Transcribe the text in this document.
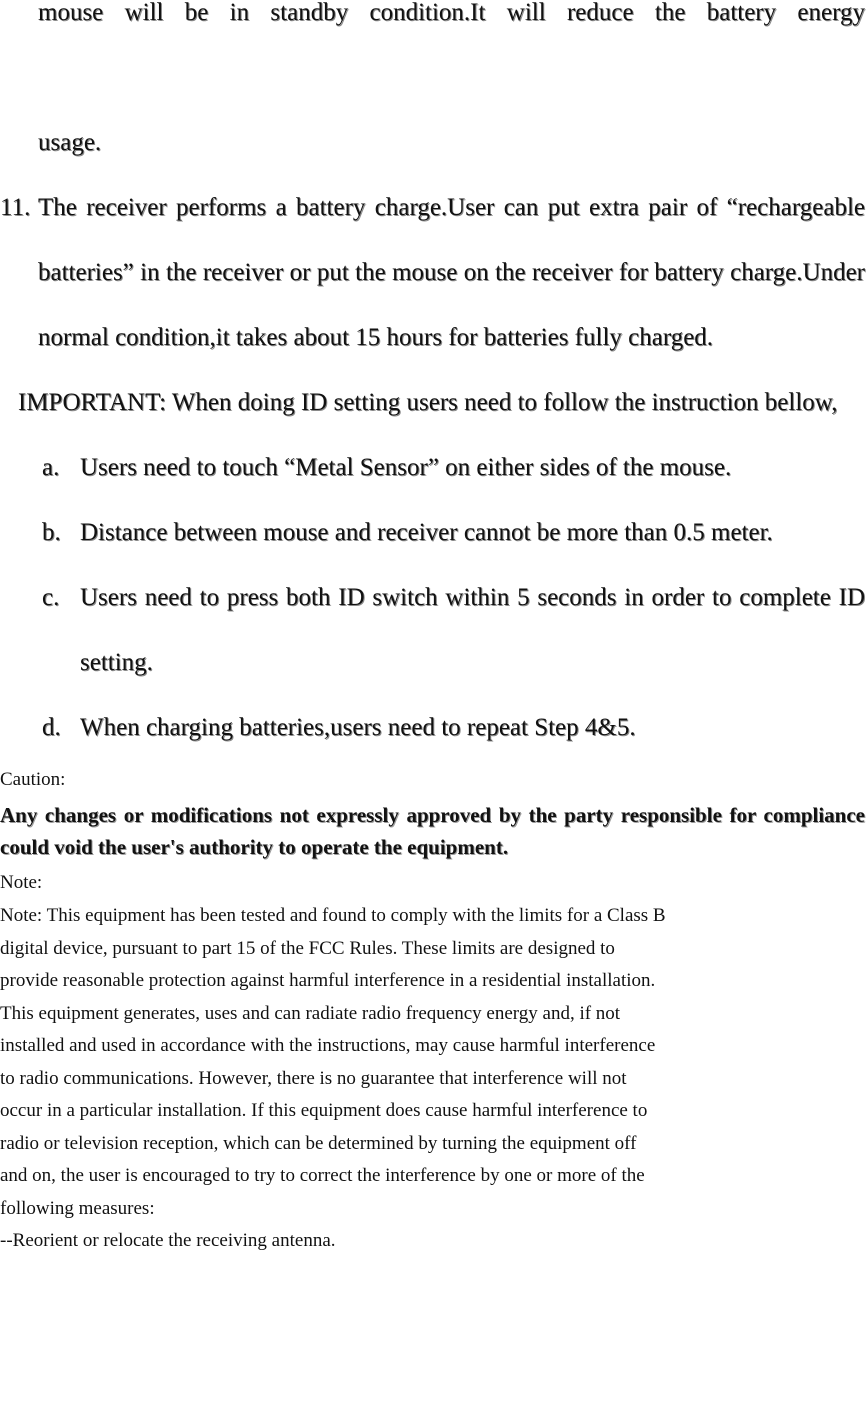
mouse will be in standby condition.It will reduce the battery energy

usage.

11. The receiver performs a battery charge.User can put extra pair of “rechargeable batteries” in the receiver or put the mouse on the receiver for battery charge.Under normal condition,it takes about 15 hours for batteries fully charged.

IMPORTANT: When doing ID setting users need to follow the instruction bellow,

a. Users need to touch “Metal Sensor” on either sides of the mouse.
b. Distance between mouse and receiver cannot be more than 0.5 meter.
c. Users need to press both ID switch within 5 seconds in order to complete ID setting.
d. When charging batteries,users need to repeat Step 4&5.

Caution:

Any changes or modifications not expressly approved by the party responsible for compliance could void the user's authority to operate the equipment.

Note:

Note: This equipment has been tested and found to comply with the limits for a Class B
digital device, pursuant to part 15 of the FCC Rules. These limits are designed to
provide reasonable protection against harmful interference in a residential installation.
This equipment generates, uses and can radiate radio frequency energy and, if not
installed and used in accordance with the instructions, may cause harmful interference
to radio communications. However, there is no guarantee that interference will not
occur in a particular installation. If this equipment does cause harmful interference to
radio or television reception, which can be determined by turning the equipment off
and on, the user is encouraged to try to correct the interference by one or more of the
following measures:
--Reorient or relocate the receiving antenna.
